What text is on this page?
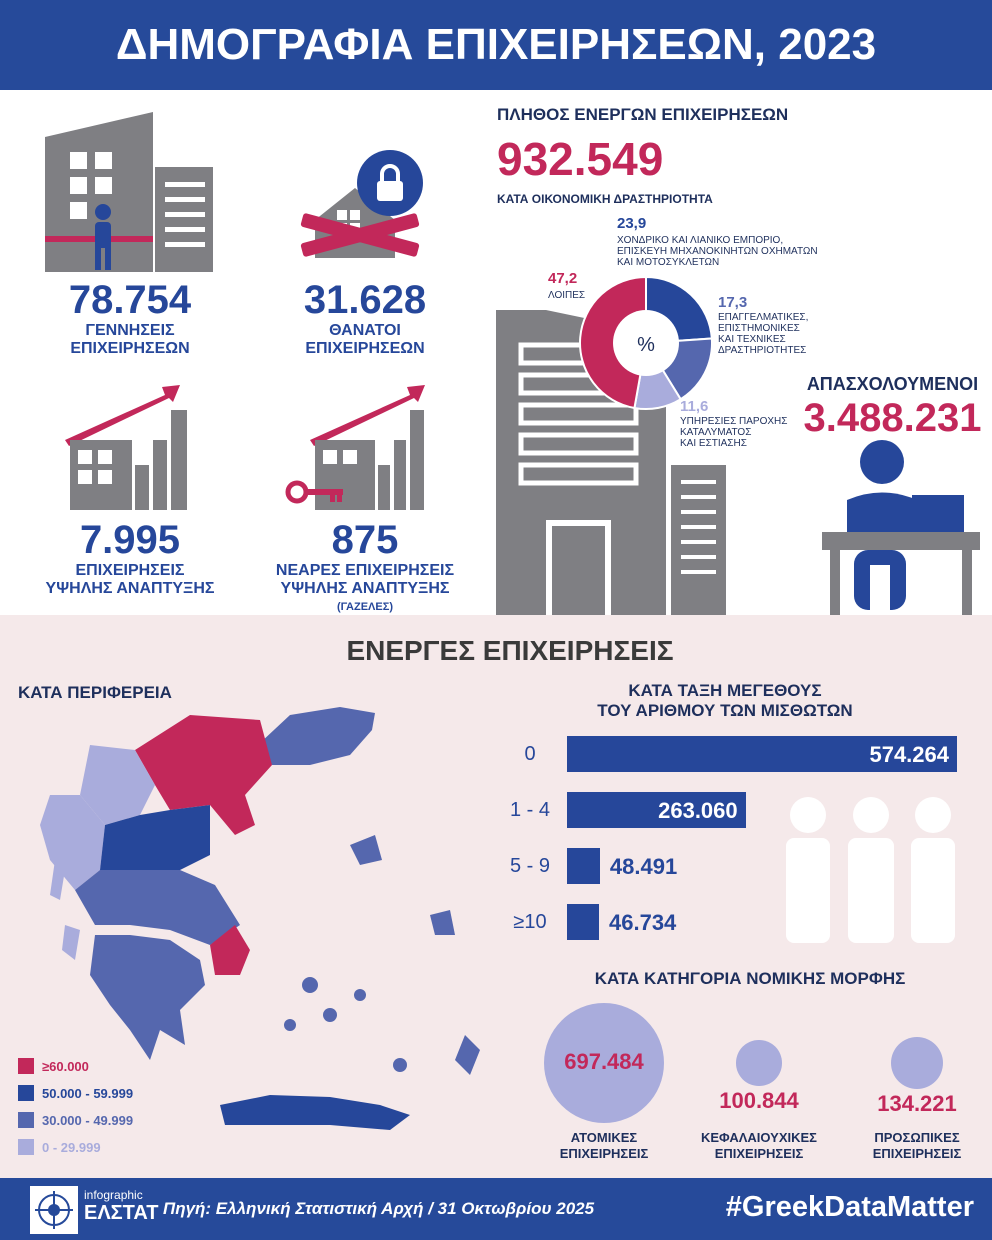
ΔΗΜΟΓΡΑΦΙΑ ΕΠΙΧΕΙΡΗΣΕΩΝ, 2023
78.754
ΓΕΝΝΗΣΕΙΣ
ΕΠΙΧΕΙΡΗΣΕΩΝ
31.628
ΘΑΝΑΤΟΙ
ΕΠΙΧΕΙΡΗΣΕΩΝ
7.995
ΕΠΙΧΕΙΡΗΣΕΙΣ
ΥΨΗΛΗΣ ΑΝΑΠΤΥΞΗΣ
875
ΝΕΑΡΕΣ ΕΠΙΧΕΙΡΗΣΕΙΣ
ΥΨΗΛΗΣ ΑΝΑΠΤΥΞΗΣ
(ΓΑΖΕΛΕΣ)
ΠΛΗΘΟΣ ΕΝΕΡΓΩΝ ΕΠΙΧΕΙΡΗΣΕΩΝ
932.549
ΚΑΤΑ ΟΙΚΟΝΟΜΙΚΗ ΔΡΑΣΤΗΡΙΟΤΗΤΑ
%
23,9
ΧΟΝΔΡΙΚΟ ΚΑΙ ΛΙΑΝΙΚΟ ΕΜΠΟΡΙΟ,
ΕΠΙΣΚΕΥΗ ΜΗΧΑΝΟΚΙΝΗΤΩΝ ΟΧΗΜΑΤΩΝ
ΚΑΙ ΜΟΤΟΣΥΚΛΕΤΩΝ
47,2
ΛΟΙΠΕΣ	17,3
ΕΠΑΓΓΕΛΜΑΤΙΚΕΣ,
ΕΠΙΣΤΗΜΟΝΙΚΕΣ
ΚΑΙ ΤΕΧΝΙΚΕΣ
ΔΡΑΣΤΗΡΙΟΤΗΤΕΣ
11,6
ΥΠΗΡΕΣΙΕΣ ΠΑΡΟΧΗΣ
ΚΑΤΑΛΥΜΑΤΟΣ
ΚΑΙ ΕΣΤΙΑΣΗΣ
ΑΠΑΣΧΟΛΟΥΜΕΝΟΙ
3.488.231
ΕΝΕΡΓΕΣ ΕΠΙΧΕΙΡΗΣΕΙΣ
ΚΑΤΑ ΠΕΡΙΦΕΡΕΙΑ
≥60.000
50.000 - 59.999
30.000 - 49.999
0 - 29.999
ΚΑΤΑ ΤΑΞΗ ΜΕΓΕΘΟΥΣ
ΤΟΥ ΑΡΙΘΜΟΥ ΤΩΝ ΜΙΣΘΩΤΩΝ
0	574.264
1 - 4	263.060
5 - 9	48.491
≥10	46.734
ΚΑΤΑ ΚΑΤΗΓΟΡΙΑ ΝΟΜΙΚΗΣ ΜΟΡΦΗΣ
697.484
ΑΤΟΜΙΚΕΣ
ΕΠΙΧΕΙΡΗΣΕΙΣ
100.844
ΚΕΦΑΛΑΙΟΥΧΙΚΕΣ
ΕΠΙΧΕΙΡΗΣΕΙΣ
134.221
ΠΡΟΣΩΠΙΚΕΣ
ΕΠΙΧΕΙΡΗΣΕΙΣ
infographic
ΕΛΣΤΑΤ Πηγή: Ελληνική Στατιστική Αρχή / 31 Οκτωβρίου 2025	#GreekDataMatter
